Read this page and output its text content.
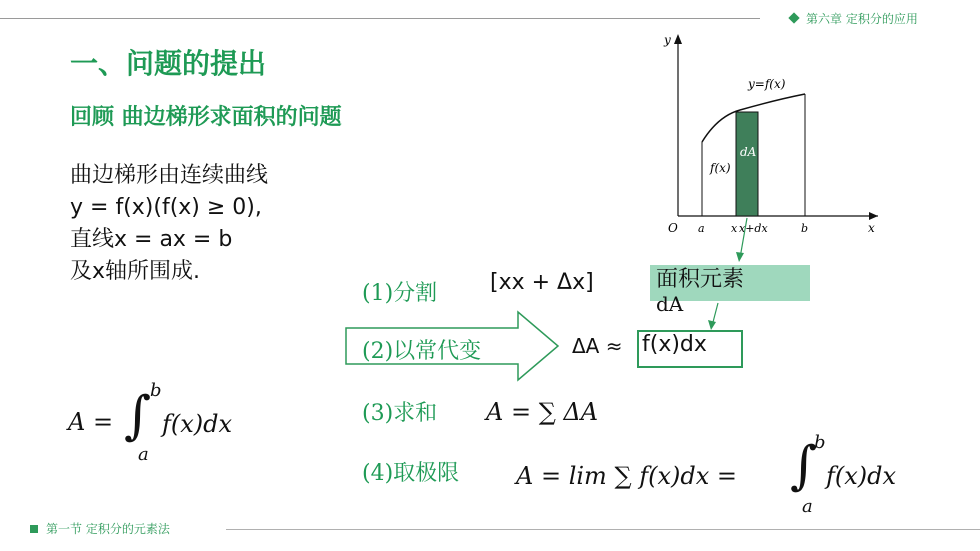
第六章 定积分的应用
一、问题的提出
回顾 曲边梯形求面积的问题
曲边梯形由连续曲线
y = f(x)(f(x) ≥ 0),
直线x = ax = b
及x轴所围成.
A = ∫
b
a
f(x)dx
y
x
O
y=f(x)
dA
f(x)
a x x+dx	b
(1)分割 [xx + Δx]	面积元素
dA
(2)以常代变	ΔA ≈ f(x)dx
(3)求和 A = ∑ ΔA
(4)取极限 A = lim ∑ f(x)dx = ∫
b
a
f(x)dx
第一节 定积分的元素法
